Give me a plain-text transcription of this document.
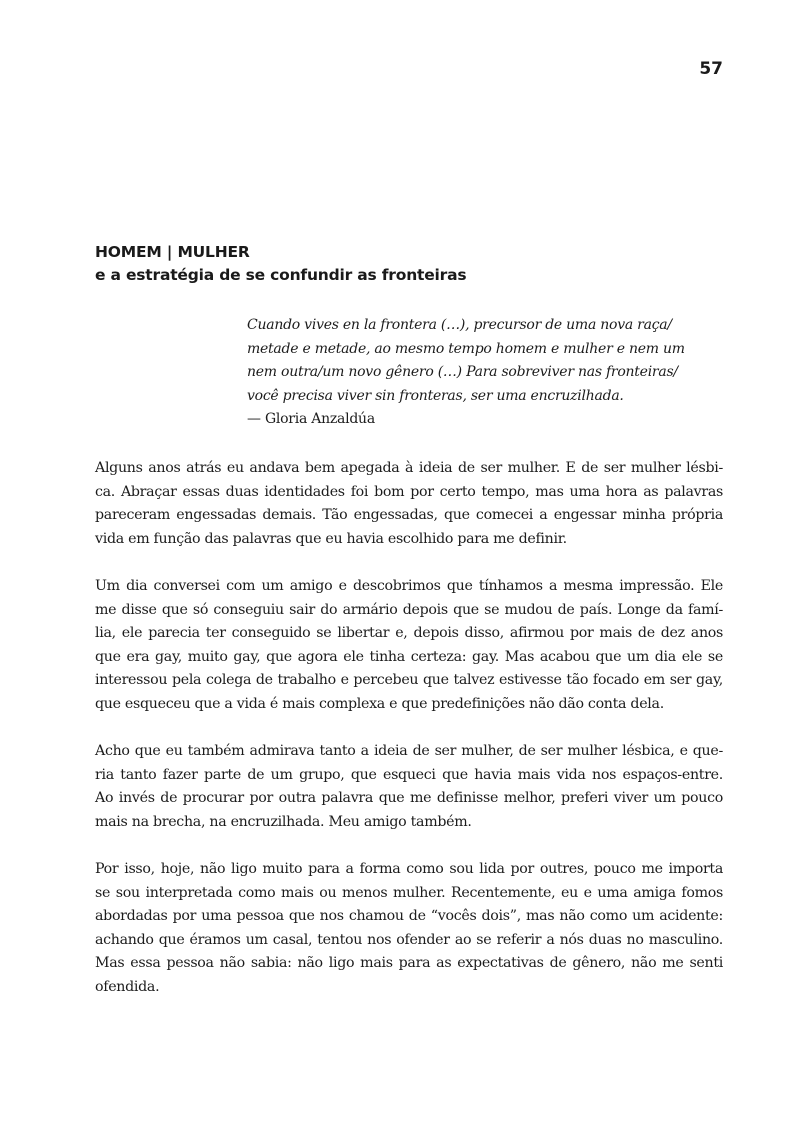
57
HOMEM | MULHER
e a estratégia de se confundir as fronteiras
Cuando vives en la frontera (…), precursor de uma nova raça/
metade e metade, ao mesmo tempo homem e mulher e nem um
nem outra/um novo gênero (…) Para sobreviver nas fronteiras/
você precisa viver sin fronteras, ser uma encruzilhada.
— Gloria Anzaldúa
Alguns anos atrás eu andava bem apegada à ideia de ser mulher. E de ser mulher lésbi-
ca. Abraçar essas duas identidades foi bom por certo tempo, mas uma hora as palavras
pareceram engessadas demais. Tão engessadas, que comecei a engessar minha própria
vida em função das palavras que eu havia escolhido para me definir.
Um dia conversei com um amigo e descobrimos que tínhamos a mesma impressão. Ele
me disse que só conseguiu sair do armário depois que se mudou de país. Longe da famí-
lia, ele parecia ter conseguido se libertar e, depois disso, afirmou por mais de dez anos
que era gay, muito gay, que agora ele tinha certeza: gay. Mas acabou que um dia ele se
interessou pela colega de trabalho e percebeu que talvez estivesse tão focado em ser gay,
que esqueceu que a vida é mais complexa e que predefinições não dão conta dela.
Acho que eu também admirava tanto a ideia de ser mulher, de ser mulher lésbica, e que-
ria tanto fazer parte de um grupo, que esqueci que havia mais vida nos espaços-entre.
Ao invés de procurar por outra palavra que me definisse melhor, preferi viver um pouco
mais na brecha, na encruzilhada. Meu amigo também.
Por isso, hoje, não ligo muito para a forma como sou lida por outres, pouco me importa
se sou interpretada como mais ou menos mulher. Recentemente, eu e uma amiga fomos
abordadas por uma pessoa que nos chamou de “vocês dois”, mas não como um acidente:
achando que éramos um casal, tentou nos ofender ao se referir a nós duas no masculino.
Mas essa pessoa não sabia: não ligo mais para as expectativas de gênero, não me senti
ofendida.
